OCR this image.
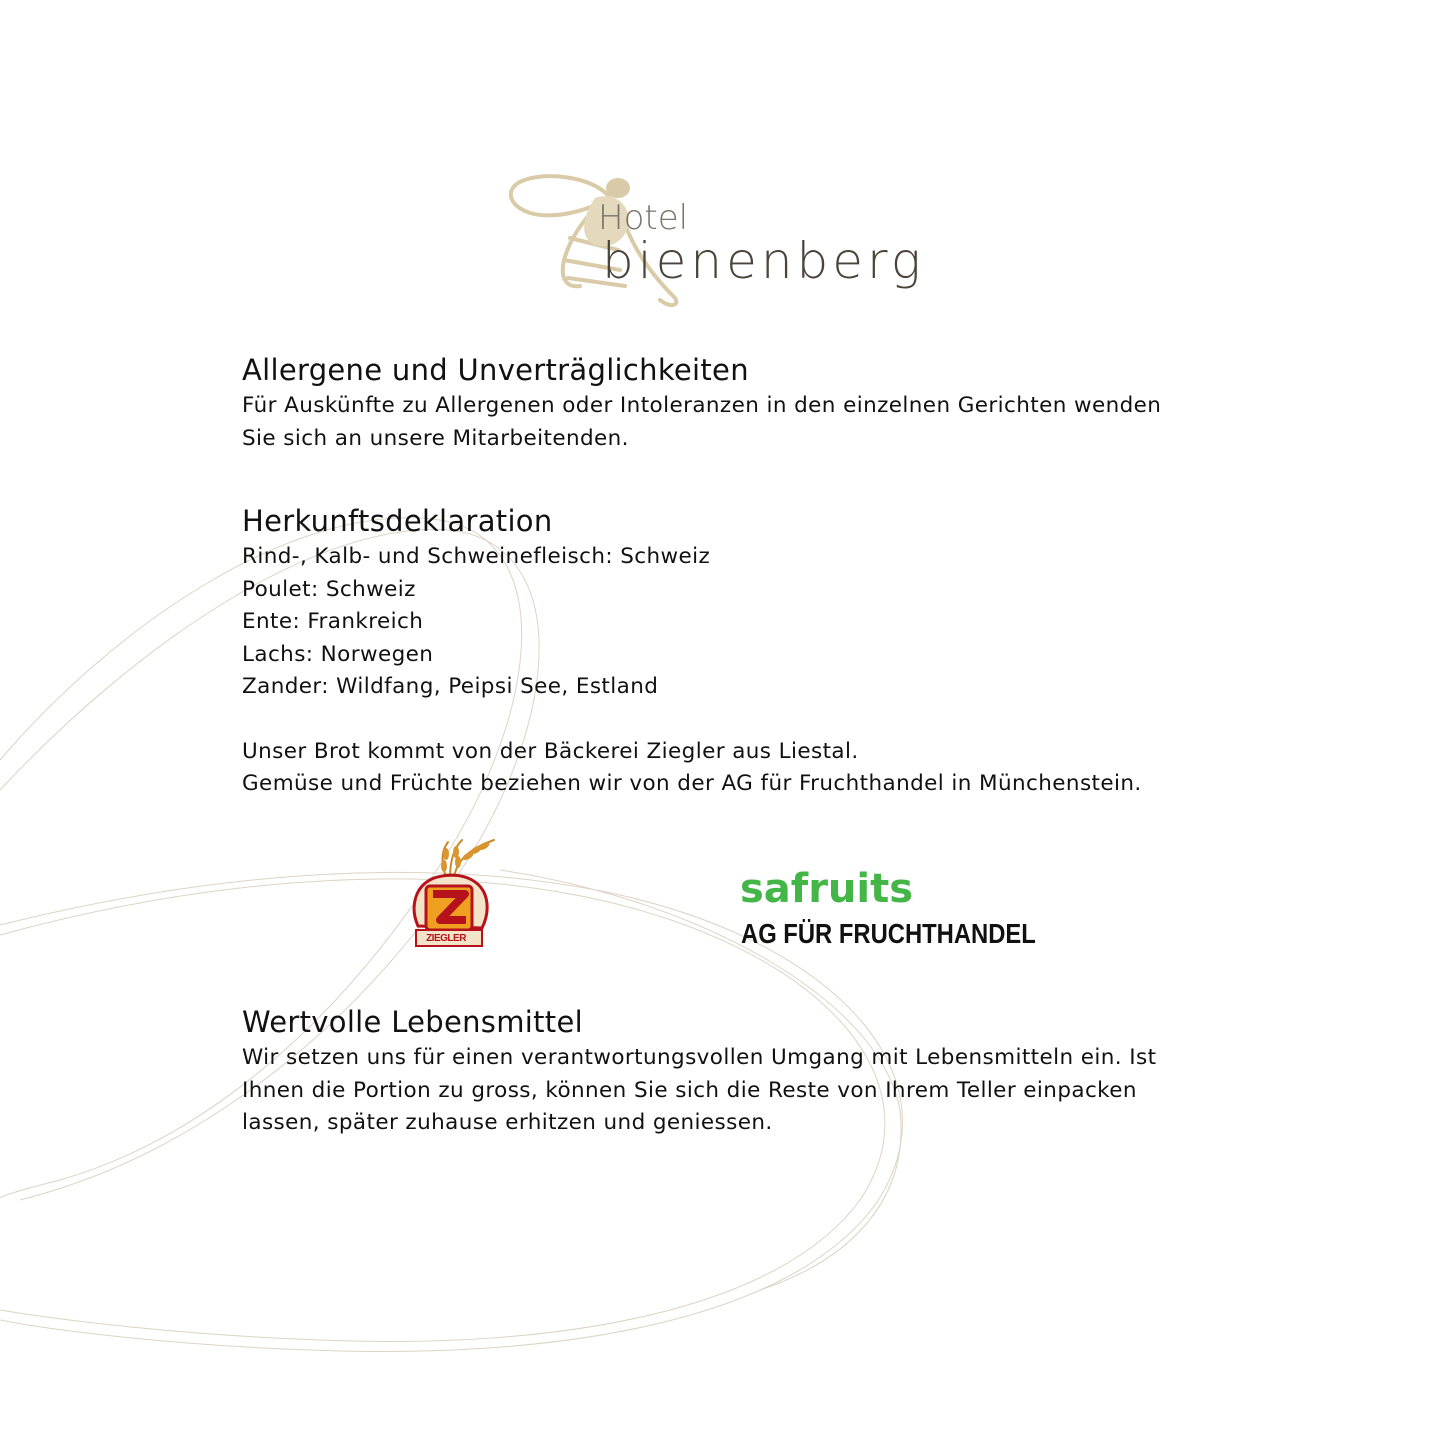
Hotel
bienenberg
Allergene und Unverträglichkeiten
Für Auskünfte zu Allergenen oder Intoleranzen in den einzelnen Gerichten wenden
Sie sich an unsere Mitarbeitenden.
Herkunftsdeklaration
Rind-, Kalb- und Schweinefleisch: Schweiz
Poulet: Schweiz
Ente: Frankreich
Lachs: Norwegen
Zander: Wildfang, Peipsi See, Estland
Unser Brot kommt von der Bäckerei Ziegler aus Liestal.
Gemüse und Früchte beziehen wir von der AG für Fruchthandel in Münchenstein.
Wertvolle Lebensmittel
Wir setzen uns für einen verantwortungsvollen Umgang mit Lebensmitteln ein. Ist
Ihnen die Portion zu gross, können Sie sich die Reste von Ihrem Teller einpacken
lassen, später zuhause erhitzen und geniessen.
ZIEGLER
safruits
AG FÜR FRUCHTHANDEL
